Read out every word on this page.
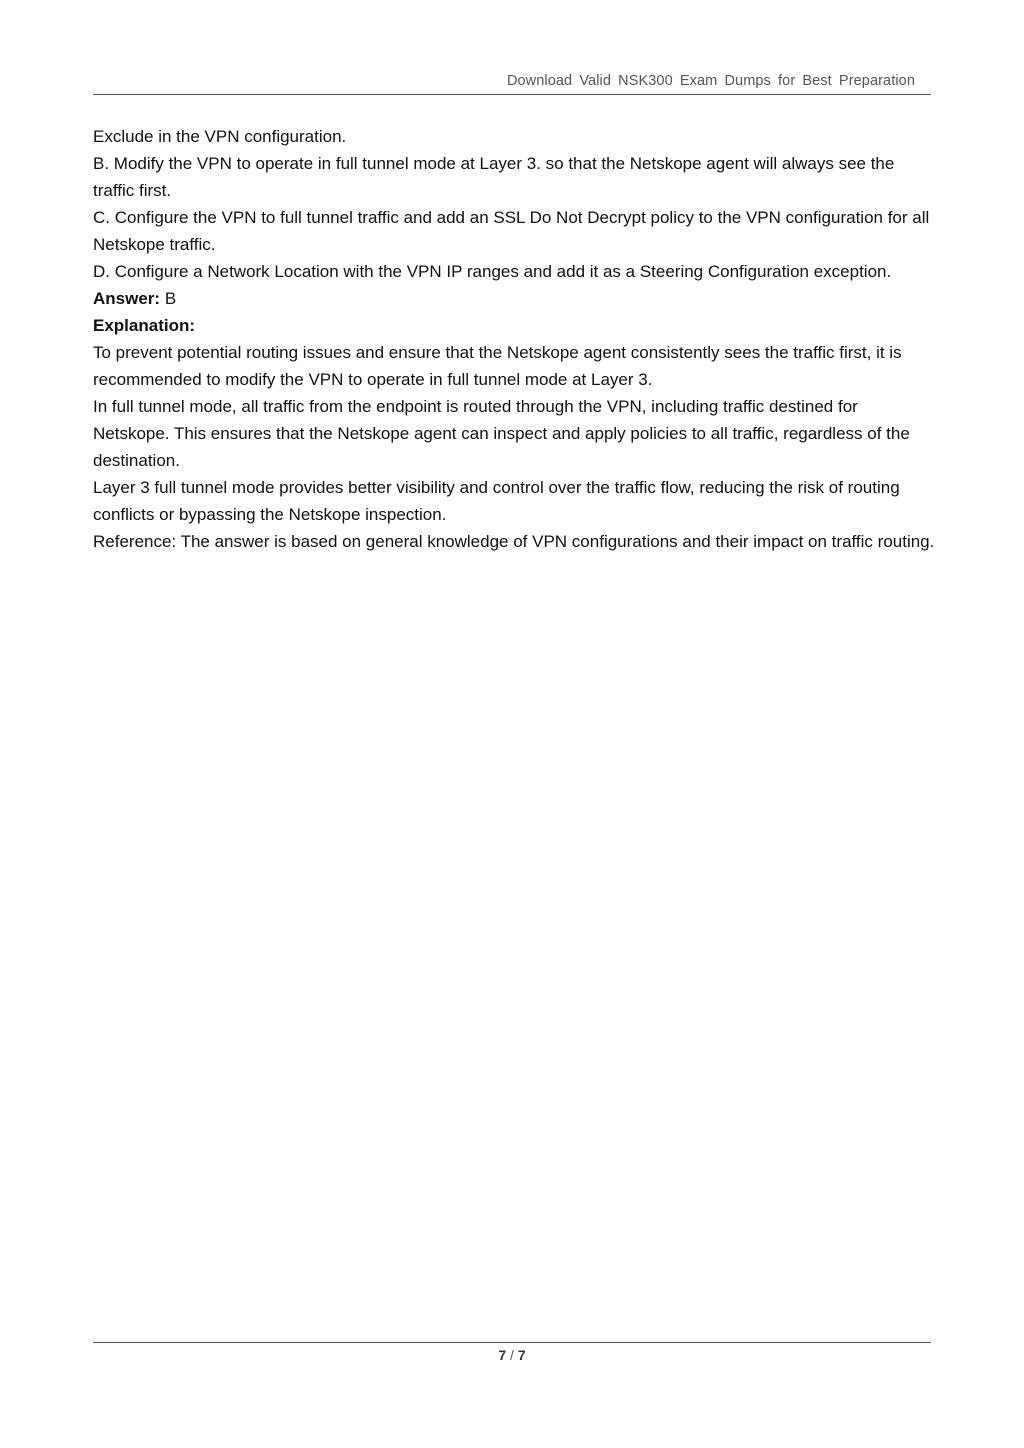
Download Valid NSK300 Exam Dumps for Best Preparation

Exclude in the VPN configuration.

B. Modify the VPN to operate in full tunnel mode at Layer 3. so that the Netskope agent will always see the traffic first.

C. Configure the VPN to full tunnel traffic and add an SSL Do Not Decrypt policy to the VPN configuration for all Netskope traffic.

D. Configure a Network Location with the VPN IP ranges and add it as a Steering Configuration exception.

Answer: B

Explanation:

To prevent potential routing issues and ensure that the Netskope agent consistently sees the traffic first, it is recommended to modify the VPN to operate in full tunnel mode at Layer 3.

In full tunnel mode, all traffic from the endpoint is routed through the VPN, including traffic destined for Netskope. This ensures that the Netskope agent can inspect and apply policies to all traffic, regardless of the destination.

Layer 3 full tunnel mode provides better visibility and control over the traffic flow, reducing the risk of routing conflicts or bypassing the Netskope inspection.

Reference: The answer is based on general knowledge of VPN configurations and their impact on traffic routing.

7 / 7
